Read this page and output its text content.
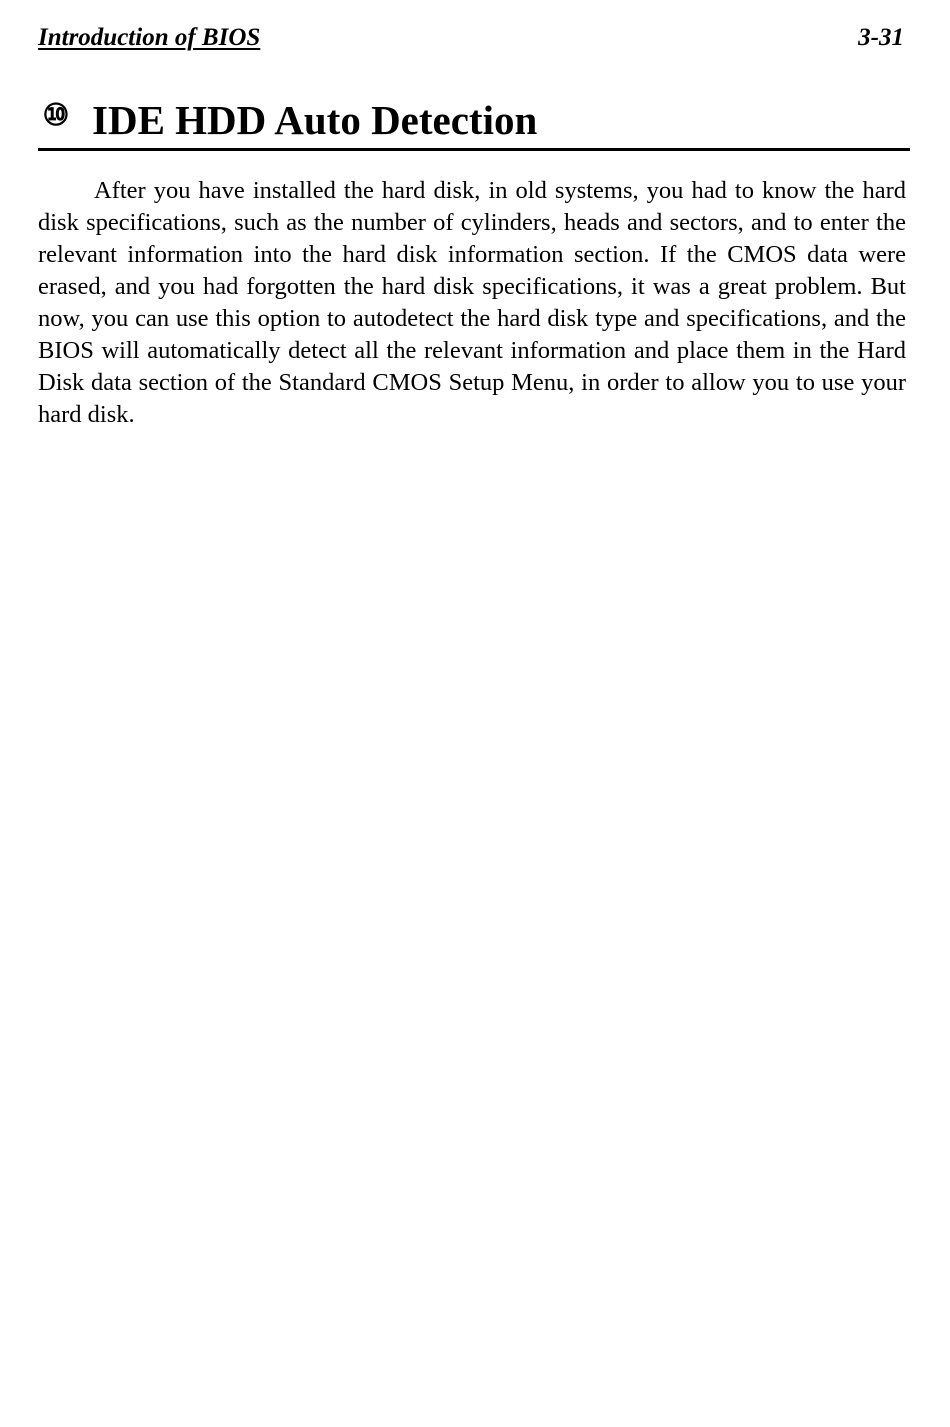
Introduction of BIOS	3-31
⑩ IDE HDD Auto Detection

After you have installed the hard disk, in old systems, you had to know the hard disk specifications, such as the number of cylinders, heads and sectors, and to enter the relevant information into the hard disk information section. If the CMOS data were erased, and you had forgotten the hard disk specifications, it was a great problem. But now, you can use this option to autodetect the hard disk type and specifications, and the BIOS will automatically detect all the relevant information and place them in the Hard Disk data section of the Standard CMOS Setup Menu, in order to allow you to use your hard disk.
